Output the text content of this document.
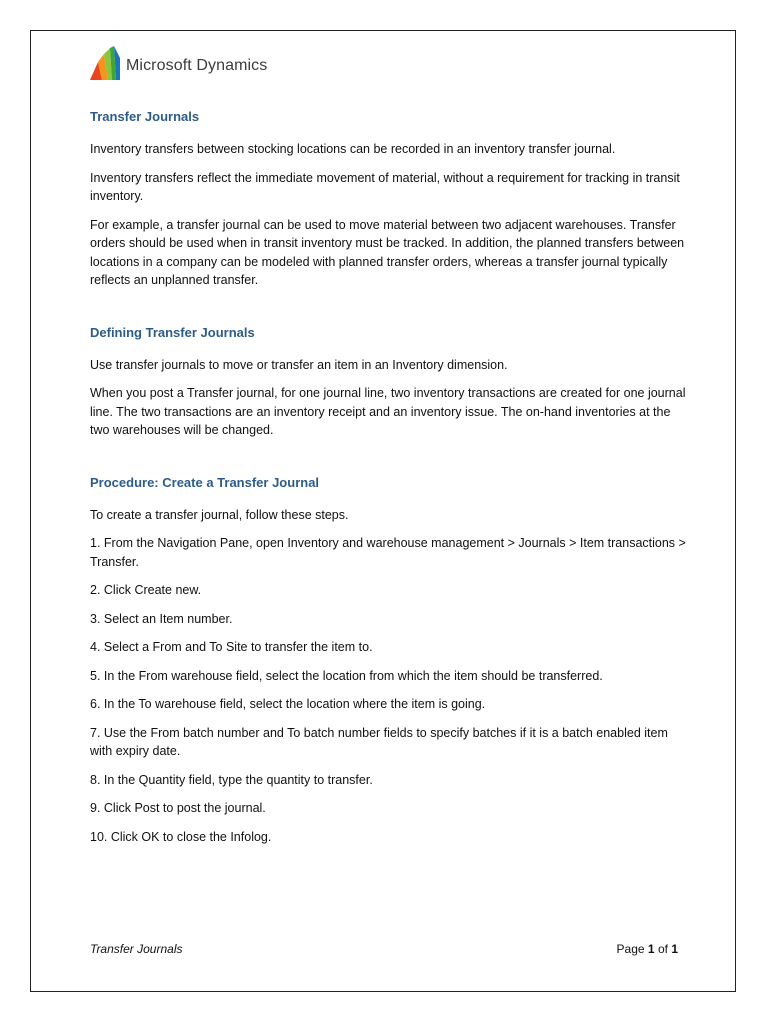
Microsoft Dynamics
Transfer Journals

Inventory transfers between stocking locations can be recorded in an inventory transfer journal.

Inventory transfers reflect the immediate movement of material, without a requirement for tracking in transit inventory.

For example, a transfer journal can be used to move material between two adjacent warehouses. Transfer orders should be used when in transit inventory must be tracked. In addition, the planned transfers between locations in a company can be modeled with planned transfer orders, whereas a transfer journal typically reflects an unplanned transfer.

Defining Transfer Journals

Use transfer journals to move or transfer an item in an Inventory dimension.

When you post a Transfer journal, for one journal line, two inventory transactions are created for one journal line. The two transactions are an inventory receipt and an inventory issue. The on-hand inventories at the two warehouses will be changed.

Procedure: Create a Transfer Journal

To create a transfer journal, follow these steps.

1. From the Navigation Pane, open Inventory and warehouse management > Journals > Item transactions > Transfer.

2. Click Create new.

3. Select an Item number.

4. Select a From and To Site to transfer the item to.

5. In the From warehouse field, select the location from which the item should be transferred.

6. In the To warehouse field, select the location where the item is going.

7. Use the From batch number and To batch number fields to specify batches if it is a batch enabled item with expiry date.

8. In the Quantity field, type the quantity to transfer.

9. Click Post to post the journal.

10. Click OK to close the Infolog.

Transfer Journals	Page 1 of 1
